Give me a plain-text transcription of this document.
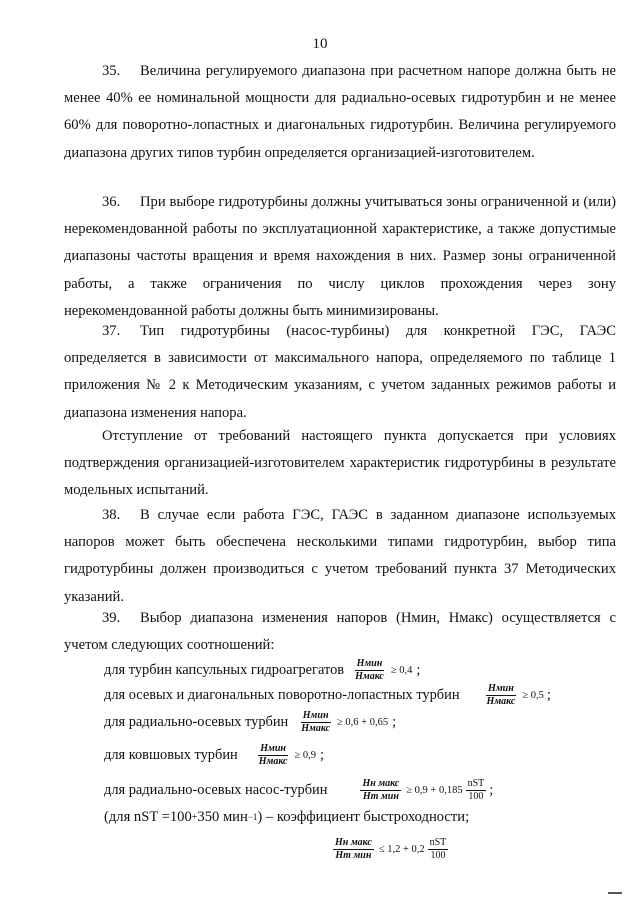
10

35. Величина регулируемого диапазона при расчетном напоре должна быть не менее 40% ее номинальной мощности для радиально-осевых гидротурбин и не менее 60% для поворотно-лопастных и диагональных гидротурбин. Величина регулируемого диапазона других типов турбин определяется организацией-изготовителем.

36. При выборе гидротурбины должны учитываться зоны ограниченной и (или) нерекомендованной работы по эксплуатационной характеристике, а также допустимые диапазоны частоты вращения и время нахождения в них. Размер зоны ограниченной работы, а также ограничения по числу циклов прохождения через зону нерекомендованной работы должны быть минимизированы.

37. Тип гидротурбины (насос-турбины) для конкретной ГЭС, ГАЭС определяется в зависимости от максимального напора, определяемого по таблице 1 приложения № 2 к Методическим указаниям, с учетом заданных режимов работы и диапазона изменения напора.

Отступление от требований настоящего пункта допускается при условиях подтверждения организацией-изготовителем характеристик гидротурбины в результате модельных испытаний.

38. В случае если работа ГЭС, ГАЭС в заданном диапазоне используемых напоров может быть обеспечена несколькими типами гидротурбин, выбор типа гидротурбины должен производиться с учетом требований пункта 37 Методических указаний.

39. Выбор диапазона изменения напоров (Нмин, Нмакс) осуществляется с учетом следующих соотношений:

для турбин капсульных гидроагрегатов $\frac{\text{Hмин}}{\text{Hмакс}} \ge 0,4$ ;
для осевых и диагональных поворотно-лопастных турбин	$\frac{\text{Hмин}}{\text{Hмакс}} \ge 0,5$ ;
для радиально-осевых турбин $\frac{\text{Hмин}}{\text{Hмакс}} \ge 0,6 + 0,65$ ;
для ковшовых турбин $\frac{\text{Hмин}}{\text{Hмакс}} \ge 0,9$ ;
для радиально-осевых насос-турбин	$\frac{\text{Hн макс}}{\text{Hт мин}} \ge 0,9 + 0,185 \frac{\text{nST}}{100}$ ;
(для nST =100 + 350 мин −1 ) – коэффициент быстроходности;
$\frac{\text{Hн макс}}{\text{Hт мин}} \le 1,2 + 0,2 \frac{\text{nST}}{100}$
